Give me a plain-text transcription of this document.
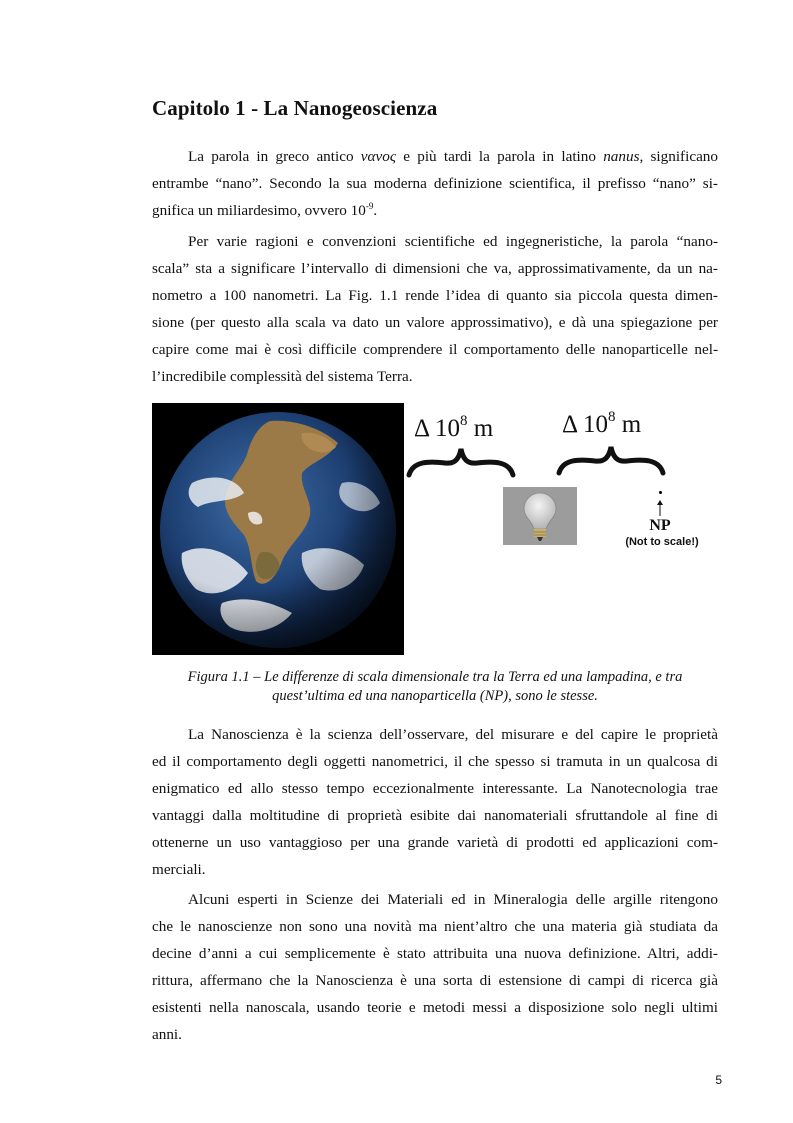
Capitolo 1 - La Nanogeoscienza

La parola in greco antico νανος e più tardi la parola in latino nanus, significano entrambe “nano”. Secondo la sua moderna definizione scientifica, il prefisso “nano” si-gnifica un miliardesimo, ovvero $10^{-9}$.

Per varie ragioni e convenzioni scientifiche ed ingegneristiche, la parola “nano-
scala” sta a significare l’intervallo di dimensioni che va, approssimativamente, da un na-
nometro a 100 nanometri. La Fig. 1.1 rende l’idea di quanto sia piccola questa dimen-
sione (per questo alla scala va dato un valore approssimativo), e dà una spiegazione per
capire come mai è così difficile comprendere il comportamento delle nanoparticelle nel-
l’incredibile complessità del sistema Terra.

Δ $10^8$ m	Δ $10^8$ m
NP
(Not to scale!)

Figura 1.1 – Le differenze di scala dimensionale tra la Terra ed una lampadina, e tra
quest’ultima ed una nanoparticella (NP), sono le stesse.

La Nanoscienza è la scienza dell’osservare, del misurare e del capire le proprietà
ed il comportamento degli oggetti nanometrici, il che spesso si tramuta in un qualcosa di
enigmatico ed allo stesso tempo eccezionalmente interessante. La Nanotecnologia trae
vantaggi dalla moltitudine di proprietà esibite dai nanomateriali sfruttandole al fine di
ottenerne un uso vantaggioso per una grande varietà di prodotti ed applicazioni com-
merciali.

Alcuni esperti in Scienze dei Materiali ed in Mineralogia delle argille ritengono
che le nanoscienze non sono una novità ma nient’altro che una materia già studiata da
decine d’anni a cui semplicemente è stato attribuita una nuova definizione. Altri, addi-
rittura, affermano che la Nanoscienza è una sorta di estensione di campi di ricerca già
esistenti nella nanoscala, usando teorie e metodi messi a disposizione solo negli ultimi
anni.

5
